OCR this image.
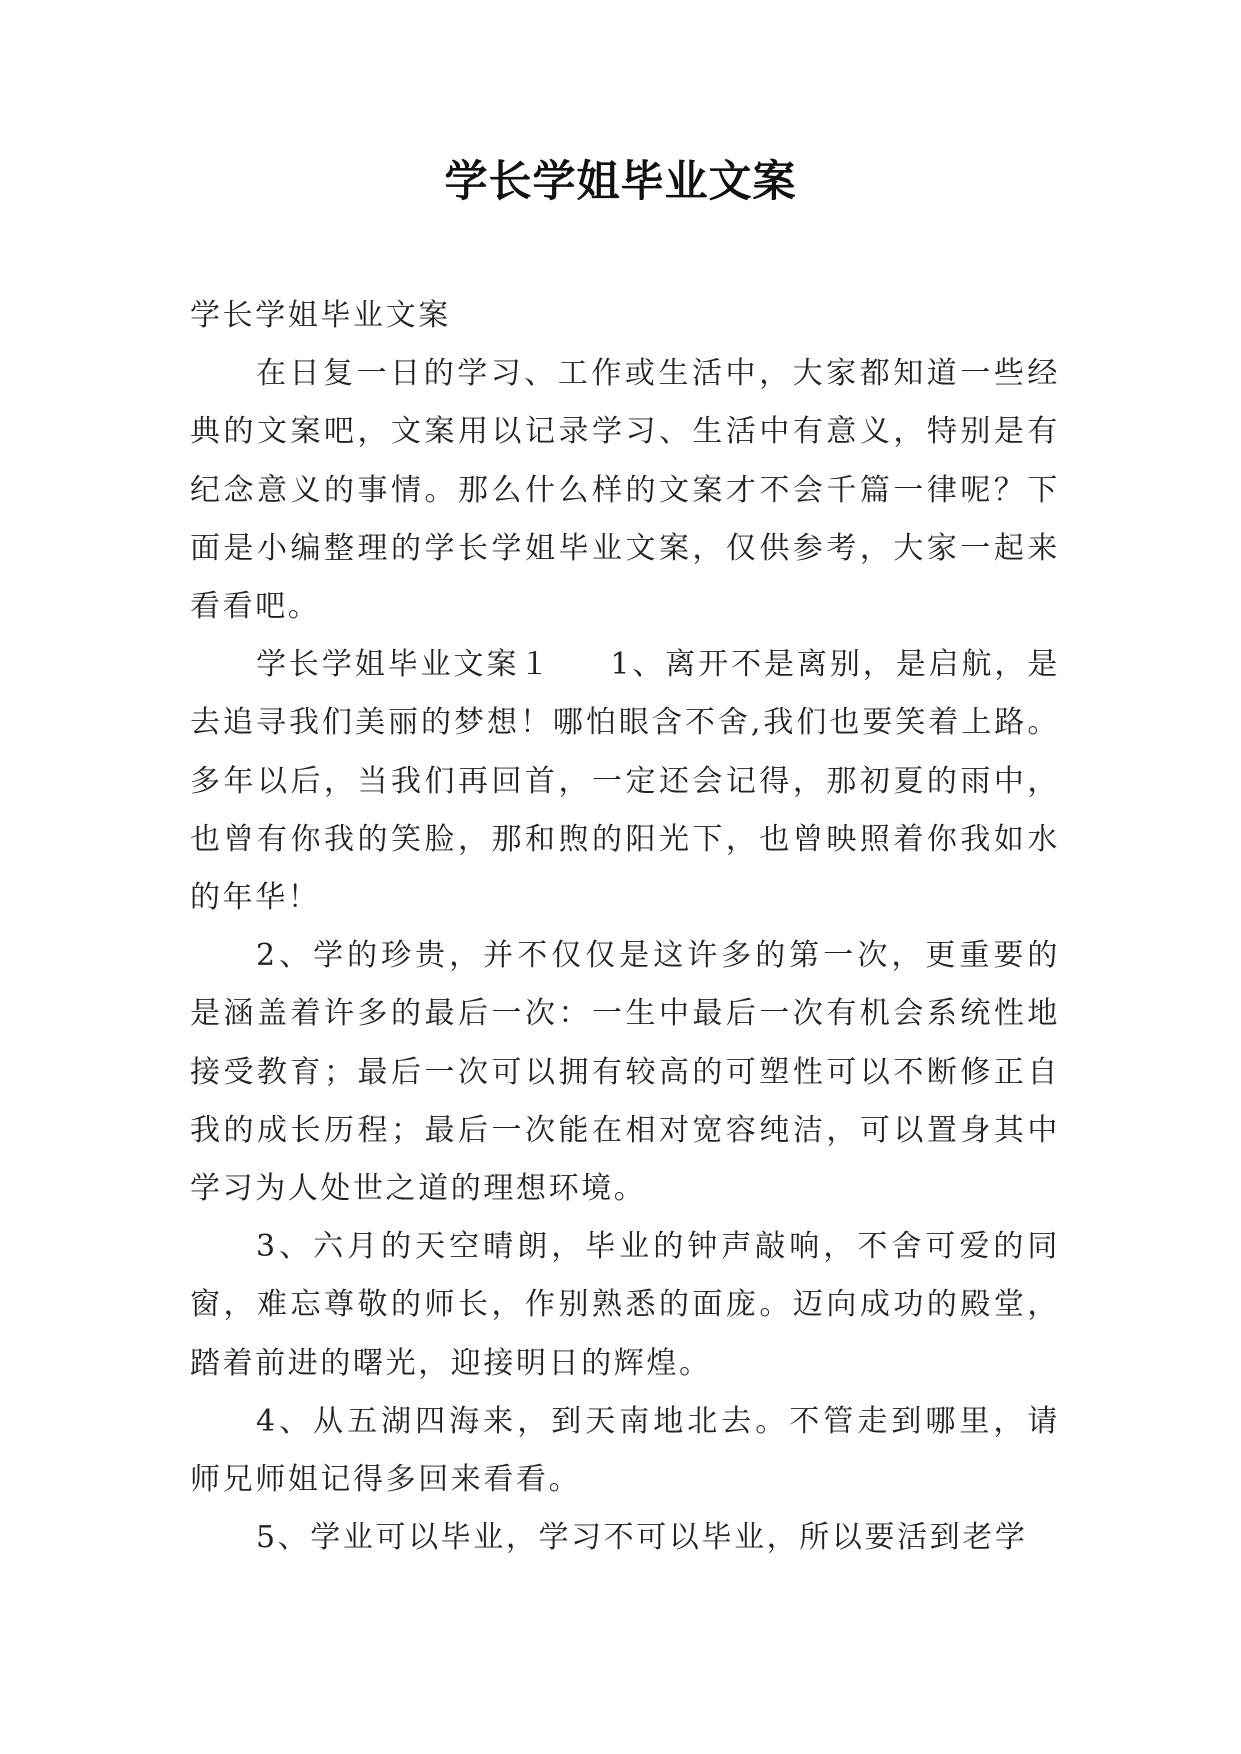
学长学姐毕业文案

学长学姐毕业文案

在日复一日的学习、工作或生活中，大家都知道一些经典的文案吧，文案用以记录学习、生活中有意义，特别是有纪念意义的事情。那么什么样的文案才不会千篇一律呢？下面是小编整理的学长学姐毕业文案，仅供参考，大家一起来看看吧。

学长学姐毕业文案１ 1、离开不是离别，是启航，是去追寻我们美丽的梦想！哪怕眼含不舍,我们也要笑着上路。多年以后，当我们再回首，一定还会记得，那初夏的雨中，也曾有你我的笑脸，那和煦的阳光下，也曾映照着你我如水的年华！

2、学的珍贵，并不仅仅是这许多的第一次，更重要的是涵盖着许多的最后一次：一生中最后一次有机会系统性地接受教育；最后一次可以拥有较高的可塑性可以不断修正自我的成长历程；最后一次能在相对宽容纯洁，可以置身其中学习为人处世之道的理想环境。

3、六月的天空晴朗，毕业的钟声敲响，不舍可爱的同窗，难忘尊敬的师长，作别熟悉的面庞。迈向成功的殿堂，踏着前进的曙光，迎接明日的辉煌。

4、从五湖四海来，到天南地北去。不管走到哪里，请师兄师姐记得多回来看看。

5、学业可以毕业，学习不可以毕业，所以要活到老学
